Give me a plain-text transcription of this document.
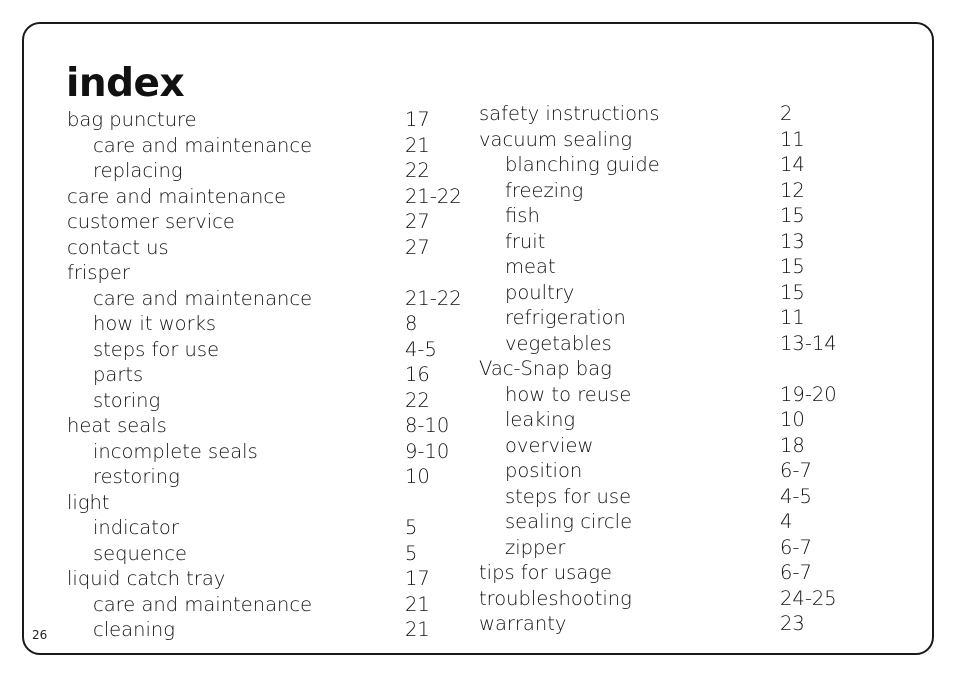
index
bag puncture	17
care and maintenance	21
replacing	22
care and maintenance	21-22
customer service	27
contact us	27
frisper
care and maintenance	21-22
how it works	8
steps for use	4-5
parts	16
storing	22
heat seals	8-10
incomplete seals	9-10
restoring	10
light
indicator	5
sequence	5
liquid catch tray	17
care and maintenance	21
cleaning	21
safety instructions	2
vacuum sealing	11
blanching guide	14
freezing	12
fish	15
fruit	13
meat	15
poultry	15
refrigeration	11
vegetables	13-14
Vac-Snap bag
how to reuse	19-20
leaking	10
overview	18
position	6-7
steps for use	4-5
sealing circle	4
zipper	6-7
tips for usage	6-7
troubleshooting	24-25
warranty	23
26
